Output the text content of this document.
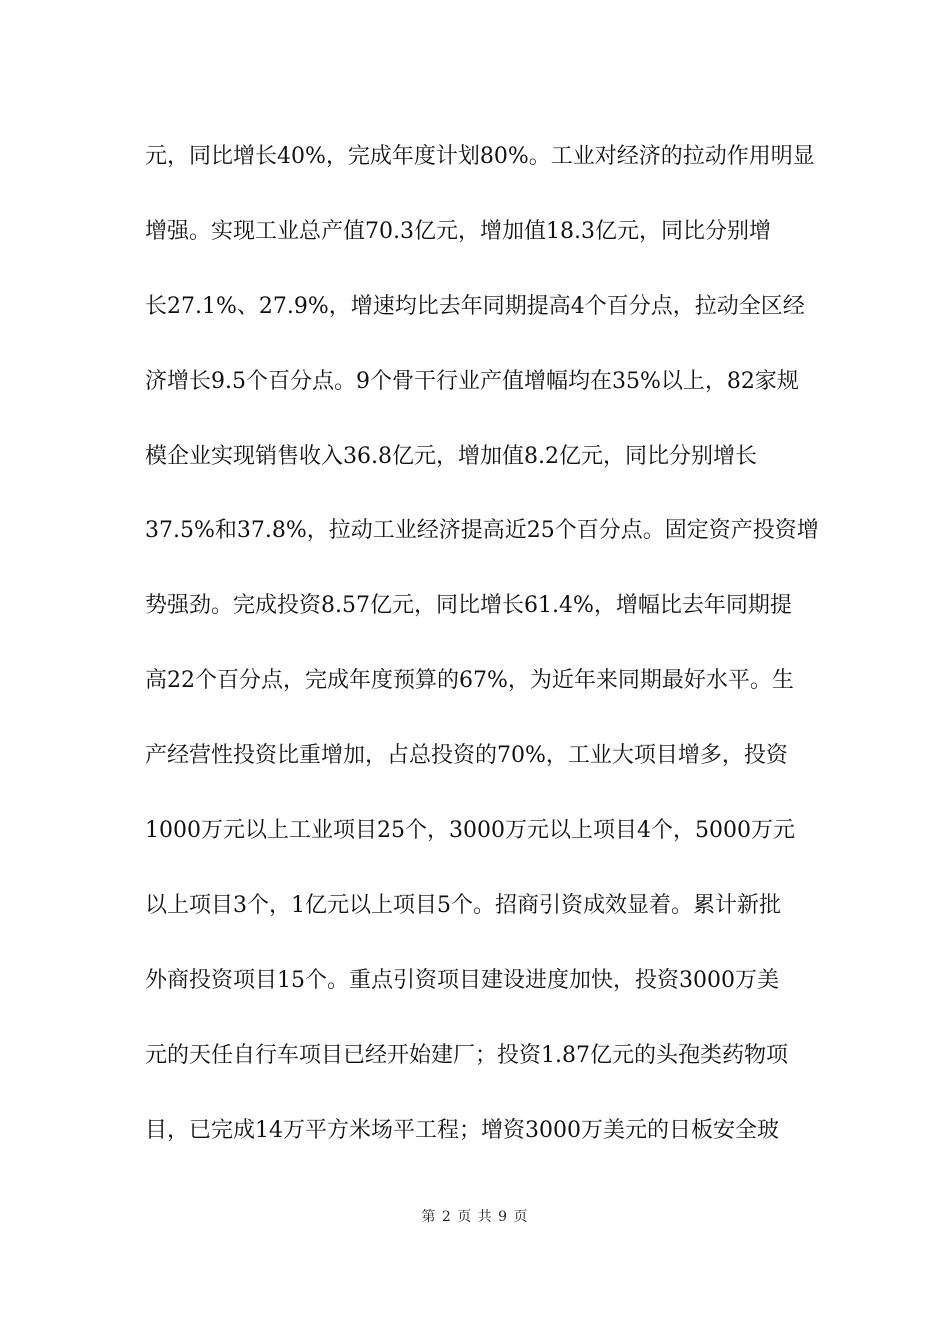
元，同比增长40%，完成年度计划80%。工业对经济的拉动作用明显
增强。实现工业总产值70.3亿元，增加值18.3亿元，同比分别增
长27.1%、27.9%，增速均比去年同期提高4个百分点，拉动全区经
济增长9.5个百分点。9个骨干行业产值增幅均在35%以上，82家规
模企业实现销售收入36.8亿元，增加值8.2亿元，同比分别增长
37.5%和37.8%，拉动工业经济提高近25个百分点。固定资产投资增
势强劲。完成投资8.57亿元，同比增长61.4%，增幅比去年同期提
高22个百分点，完成年度预算的67%，为近年来同期最好水平。生
产经营性投资比重增加，占总投资的70%，工业大项目增多，投资
1000万元以上工业项目25个，3000万元以上项目4个，5000万元
以上项目3个，1亿元以上项目5个。招商引资成效显着。累计新批
外商投资项目15个。重点引资项目建设进度加快，投资3000万美
元的天任自行车项目已经开始建厂；投资1.87亿元的头孢类药物项
目，已完成14万平方米场平工程；增资3000万美元的日板安全玻
第 2 页 共 9 页
